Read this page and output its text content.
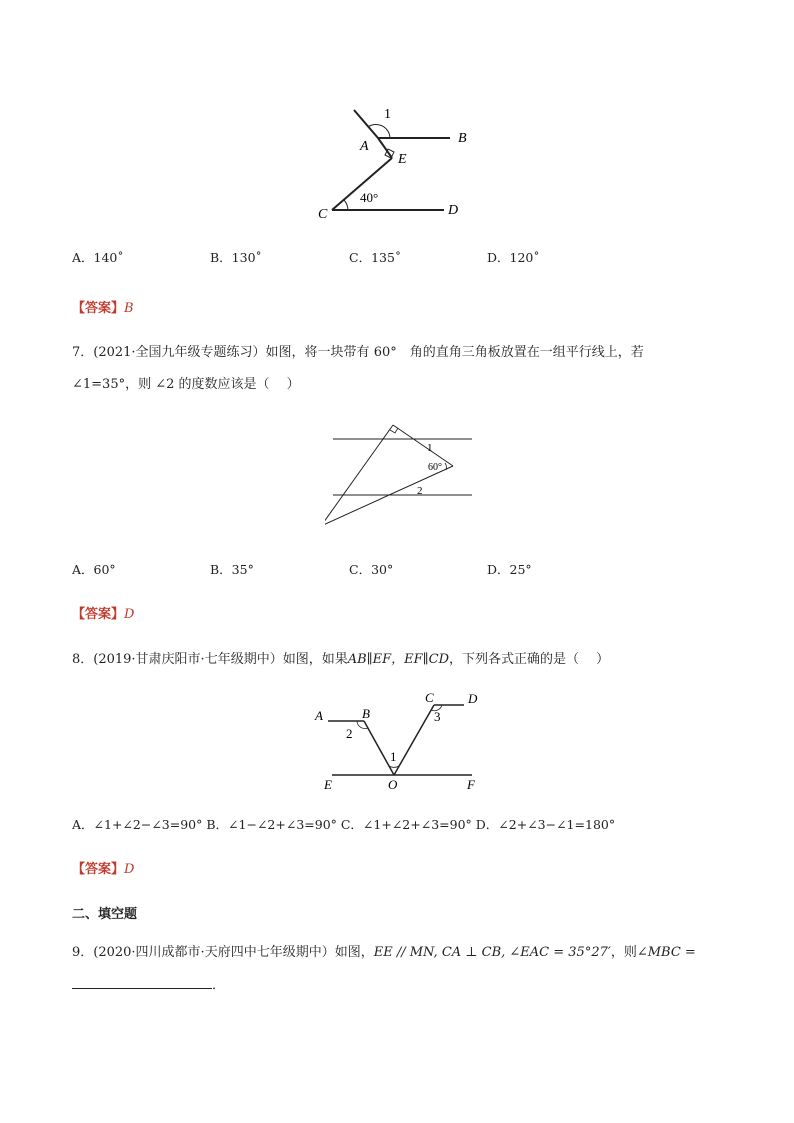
1
A
B
E
40°
C	D
A．140˚	B．130˚	C．135˚	D．120˚
【答案】B
7．(2021·全国九年级专题练习）如图，将一块带有 60°　角的直角三角板放置在一组平行线上，若
∠1=35°，则 ∠2 的度数应该是（　 ）
1
60°
2
A．60°	B．35°	C．30°	D．25°
【答案】D
8．(2019·甘肃庆阳市·七年级期中）如图，如果AB∥EF，EF∥CD，下列各式正确的是（　 ）
A	B
2
C	D
3
1
E	O	F
A．∠1+∠2−∠3=90° B．∠1−∠2+∠3=90° C．∠1+∠2+∠3=90° D．∠2+∠3−∠1=180°
【答案】D
二、填空题
9．(2020·四川成都市·天府四中七年级期中）如图，EE // MN, CA ⊥ CB, ∠EAC = 35°27′，则∠MBC =
．
